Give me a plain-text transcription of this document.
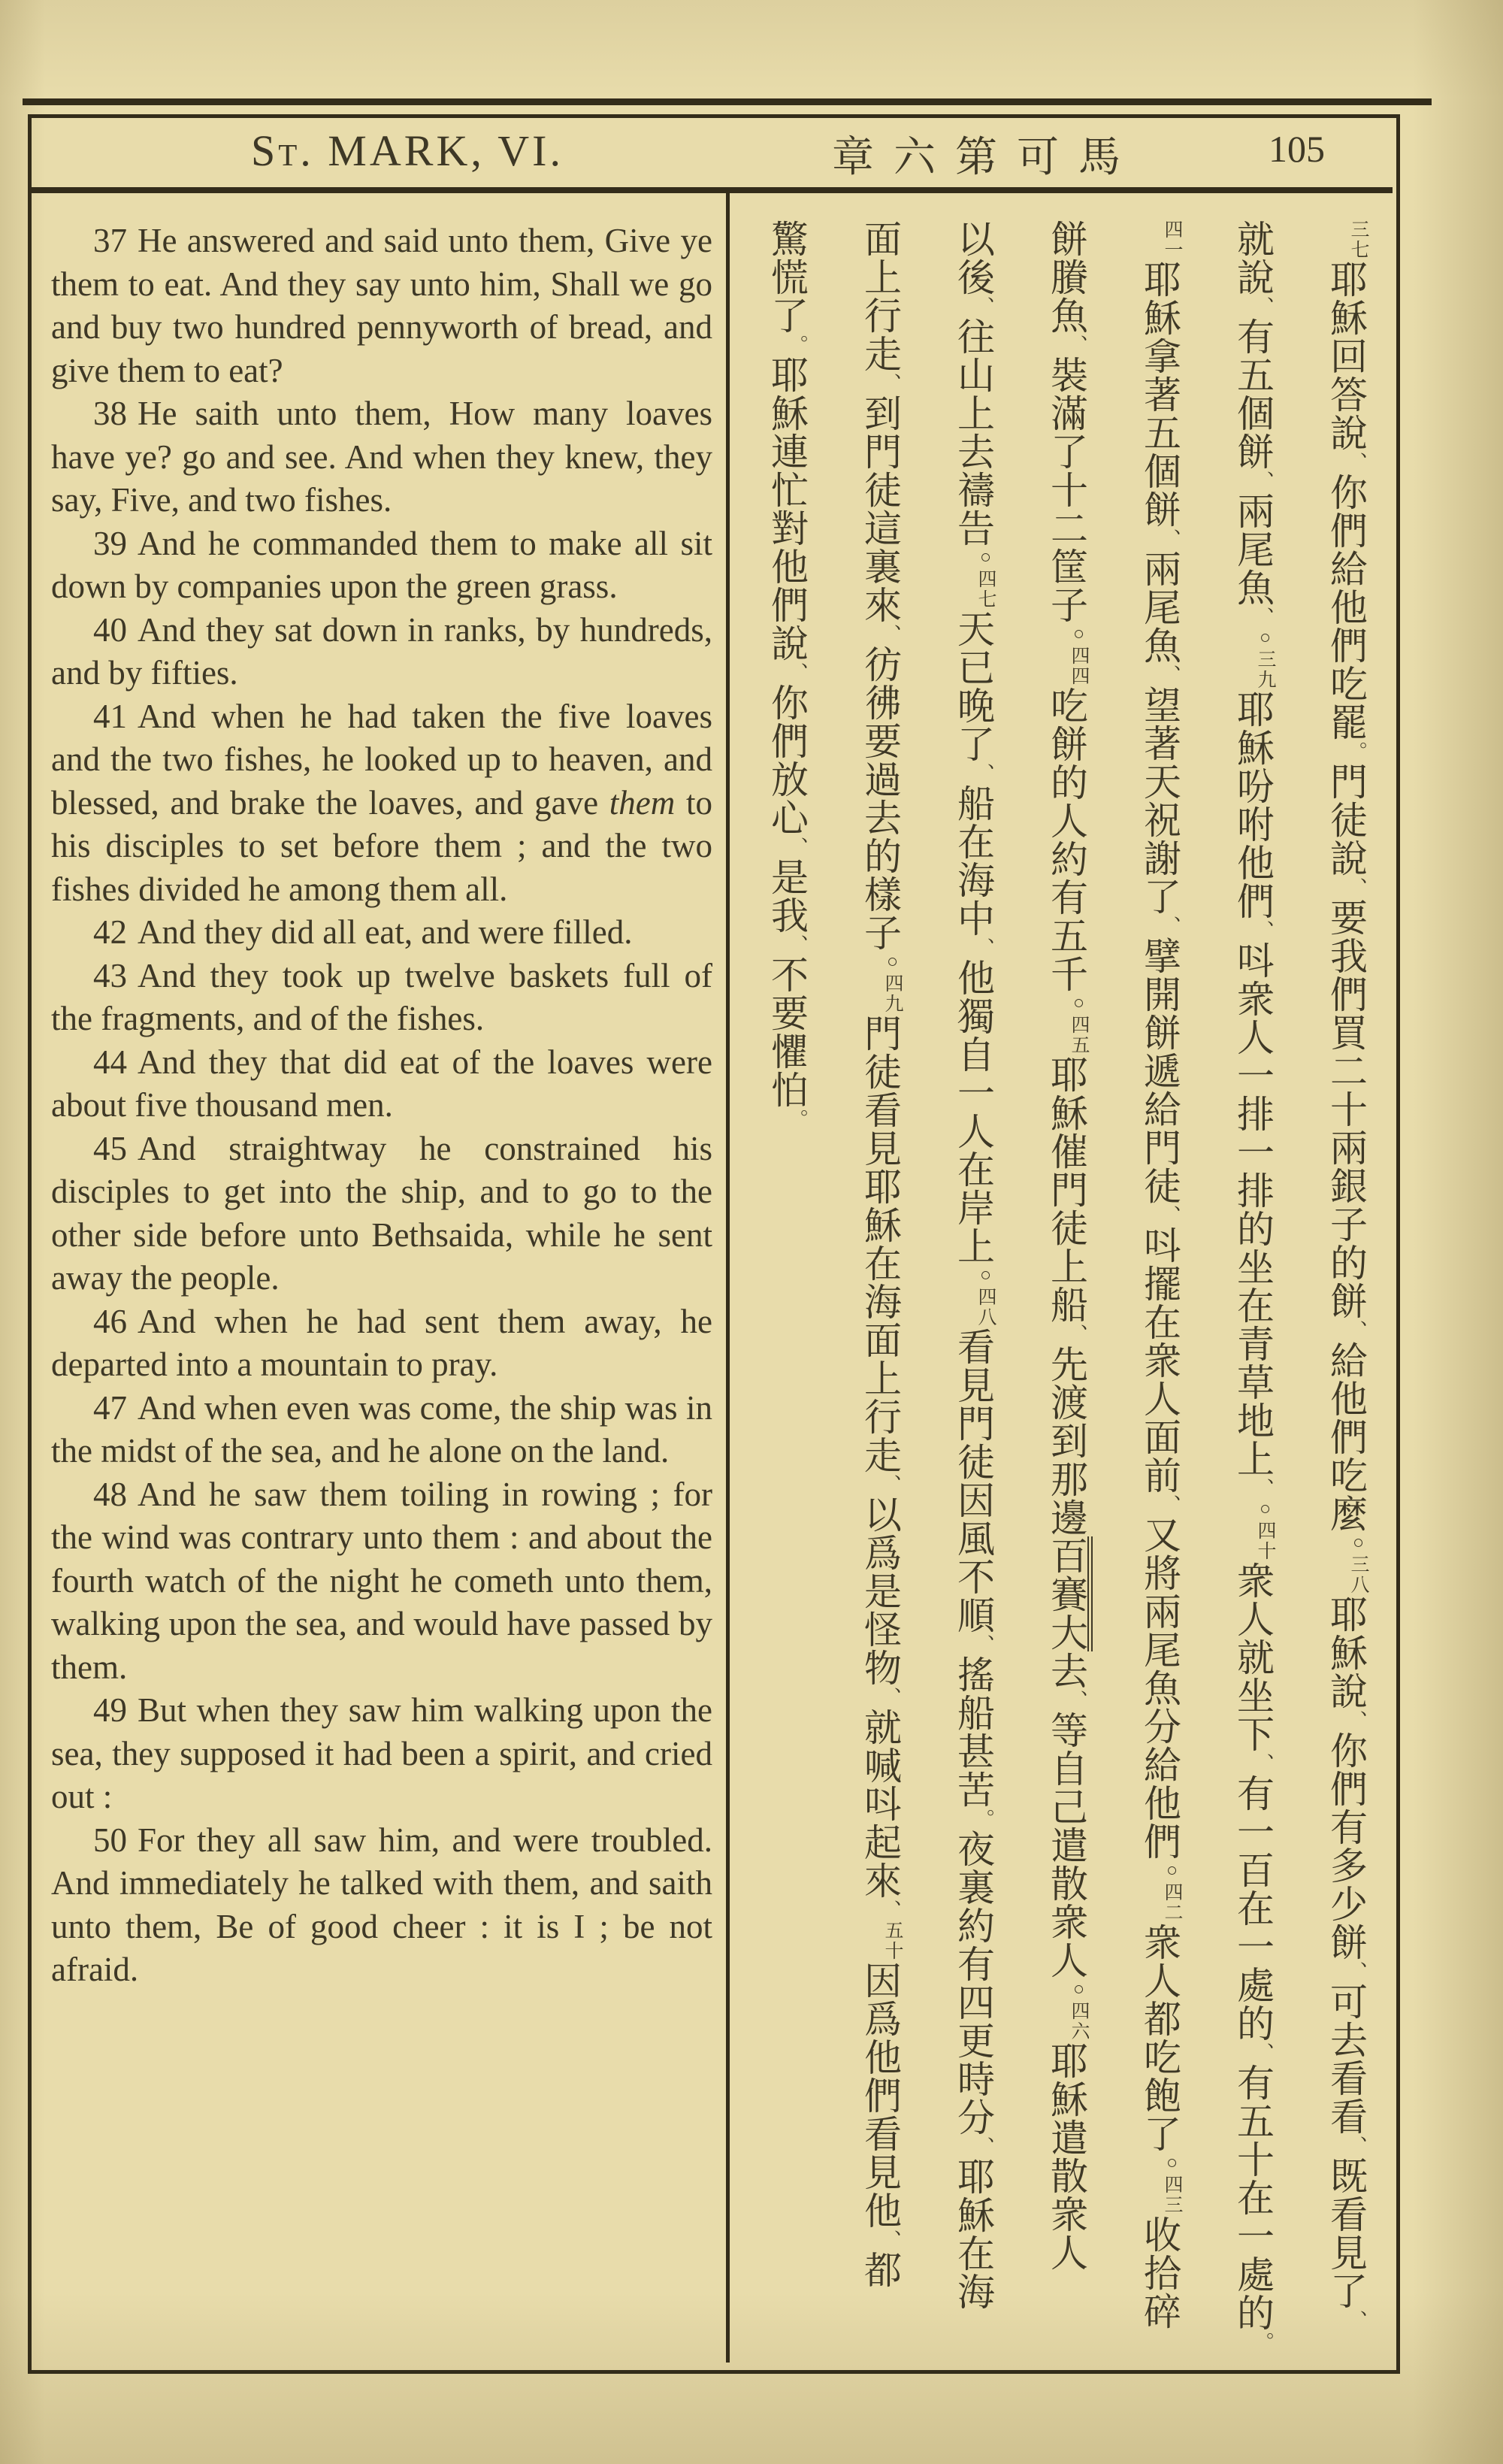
St. MARK, VI.	章六第可馬	105

37 He answered and said unto them, Give ye them to eat. And they say unto him, Shall we go and buy two hundred pennyworth of bread, and give them to eat?

38 He saith unto them, How many loaves have ye? go and see. And when they knew, they say, Five, and two fishes.

39 And he commanded them to make all sit down by companies upon the green grass.

40 And they sat down in ranks, by hundreds, and by fifties.

41 And when he had taken the five loaves and the two fishes, he looked up to heaven, and blessed, and brake the loaves, and gave them to his disciples to set before them ; and the two fishes divided he among them all.

42 And they did all eat, and were filled.

43 And they took up twelve baskets full of the fragments, and of the fishes.

44 And they that did eat of the loaves were about five thousand men.

45 And straightway he constrained his disciples to get into the ship, and to go to the other side before unto Bethsaida, while he sent away the people.

46 And when he had sent them away, he departed into a mountain to pray.

47 And when even was come, the ship was in the midst of the sea, and he alone on the land.

48 And he saw them toiling in rowing ; for the wind was contrary unto them : and about the fourth watch of the night he cometh unto them, walking upon the sea, and would have passed by them.

49 But when they saw him walking upon the sea, they supposed it had been a spirit, and cried out :

50 For they all saw him, and were troubled. And immediately he talked with them, and saith unto them, Be of good cheer : it is I ; be not afraid.

三七耶穌回答說、你們給他們吃罷。門徒說、要我們買二十兩銀子的餅、給他們吃麼○三八耶穌說、你們有多少餅、可去看看、既看見了、
就說、有五個餅、兩尾魚、○三九耶穌吩咐他們、呌衆人一排一排的坐在青草地上、○四十衆人就坐下、有一百在一處的、有五十在一處的。
四一耶穌拿著五個餅、兩尾魚、望著天祝謝了、擘開餅遞給門徒、呌擺在衆人面前、又將兩尾魚分給他們○四二衆人都吃飽了○四三收拾碎
餅賸魚、裝滿了十二筐子○四四吃餅的人約有五千○四五耶穌催門徒上船、先渡到那邊百賽大去、等自己遣散衆人○四六耶穌遣散衆人
以後、往山上去禱告○四七天已晚了、船在海中、他獨自一人在岸上○四八看見門徒因風不順、搖船甚苦。夜裏約有四更時分、耶穌在海
面上行走、到門徒這裏來、彷彿要過去的樣子○四九門徒看見耶穌在海面上行走、以爲是怪物、就喊呌起來、五十因爲他們看見他、都
驚慌了。耶穌連忙對他們說、你們放心、是我、不要懼怕。
